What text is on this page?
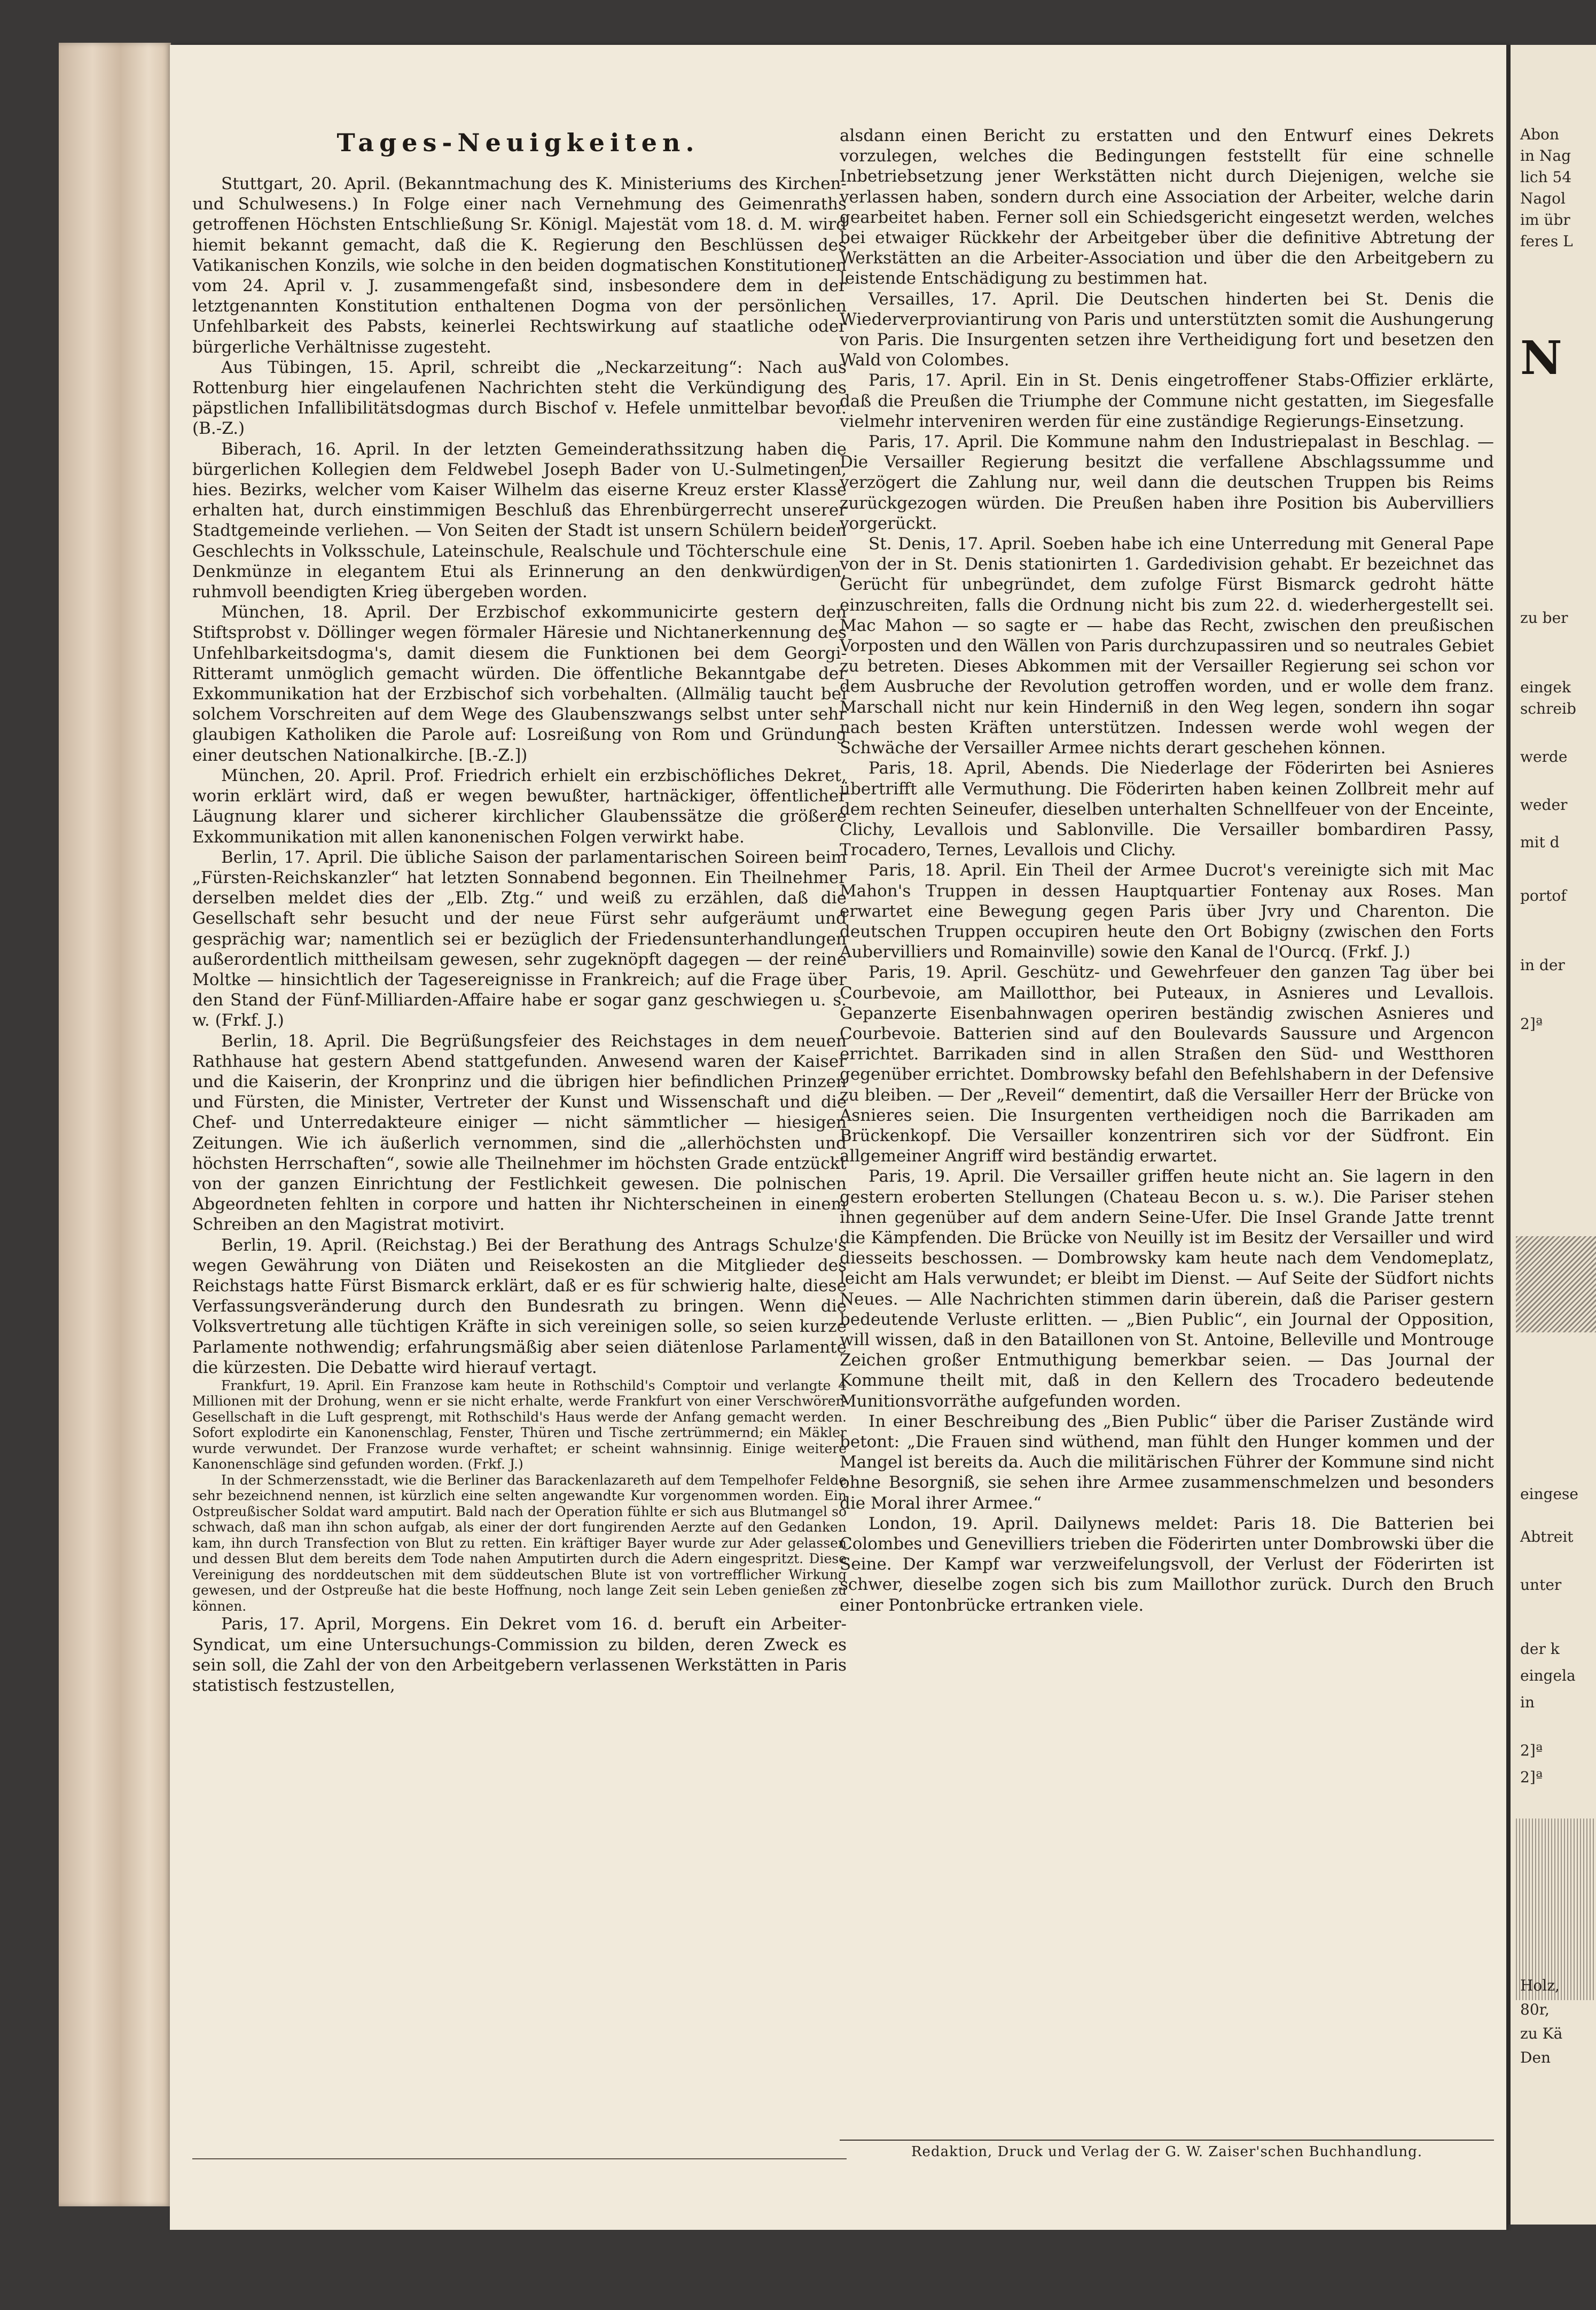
Tages-Neuigkeiten.

Stuttgart, 20. April. (Bekanntmachung des K. Ministeriums des Kirchen- und Schulwesens.) In Folge einer nach Vernehmung des Geimenraths getroffenen Höchsten Entschließung Sr. Königl. Majestät vom 18. d. M. wird hiemit bekannt gemacht, daß die K. Regierung den Beschlüssen des Vatikanischen Konzils, wie solche in den beiden dogmatischen Konstitutionen vom 24. April v. J. zusammengefaßt sind, insbesondere dem in der letztgenannten Konstitution enthaltenen Dogma von der persönlichen Unfehlbarkeit des Pabsts, keinerlei Rechtswirkung auf staatliche oder bürgerliche Verhältnisse zugesteht.

Aus Tübingen, 15. April, schreibt die „Neckarzeitung“: Nach aus Rottenburg hier eingelaufenen Nachrichten steht die Verkündigung des päpstlichen Infallibilitätsdogmas durch Bischof v. Hefele unmittelbar bevor. (B.-Z.)

Biberach, 16. April. In der letzten Gemeinderathssitzung haben die bürgerlichen Kollegien dem Feldwebel Joseph Bader von U.-Sulmetingen, hies. Bezirks, welcher vom Kaiser Wilhelm das eiserne Kreuz erster Klasse erhalten hat, durch einstimmigen Beschluß das Ehrenbürgerrecht unserer Stadtgemeinde verliehen. — Von Seiten der Stadt ist unsern Schülern beiden Geschlechts in Volksschule, Lateinschule, Realschule und Töchterschule eine Denkmünze in elegantem Etui als Erinnerung an den denkwürdigen, ruhmvoll beendigten Krieg übergeben worden.

München, 18. April. Der Erzbischof exkommunicirte gestern den Stiftsprobst v. Döllinger wegen förmaler Häresie und Nichtanerkennung des Unfehlbarkeitsdogma's, damit diesem die Funktionen bei dem Georgi-Ritteramt unmöglich gemacht würden. Die öffentliche Bekanntgabe der Exkommunikation hat der Erzbischof sich vorbehalten. (Allmälig taucht bei solchem Vorschreiten auf dem Wege des Glaubenszwangs selbst unter sehr glaubigen Katholiken die Parole auf: Losreißung von Rom und Gründung einer deutschen Nationalkirche. [B.-Z.])

München, 20. April. Prof. Friedrich erhielt ein erzbischöfliches Dekret, worin erklärt wird, daß er wegen bewußter, hartnäckiger, öffentlicher Läugnung klarer und sicherer kirchlicher Glaubenssätze die größere Exkommunikation mit allen kanonenischen Folgen verwirkt habe.

Berlin, 17. April. Die übliche Saison der parlamentarischen Soireen beim „Fürsten-Reichskanzler“ hat letzten Sonnabend begonnen. Ein Theilnehmer derselben meldet dies der „Elb. Ztg.“ und weiß zu erzählen, daß die Gesellschaft sehr besucht und der neue Fürst sehr aufgeräumt und gesprächig war; namentlich sei er bezüglich der Friedensunterhandlungen außerordentlich mittheilsam gewesen, sehr zugeknöpft dagegen — der reine Moltke — hinsichtlich der Tagesereignisse in Frankreich; auf die Frage über den Stand der Fünf-Milliarden-Affaire habe er sogar ganz geschwiegen u. s. w. (Frkf. J.)

Berlin, 18. April. Die Begrüßungsfeier des Reichstages in dem neuen Rathhause hat gestern Abend stattgefunden. Anwesend waren der Kaiser und die Kaiserin, der Kronprinz und die übrigen hier befindlichen Prinzen und Fürsten, die Minister, Vertreter der Kunst und Wissenschaft und die Chef- und Unterredakteure einiger — nicht sämmtlicher — hiesigen Zeitungen. Wie ich äußerlich vernommen, sind die „allerhöchsten und höchsten Herrschaften“, sowie alle Theilnehmer im höchsten Grade entzückt von der ganzen Einrichtung der Festlichkeit gewesen. Die polnischen Abgeordneten fehlten in corpore und hatten ihr Nichterscheinen in einem Schreiben an den Magistrat motivirt.

Berlin, 19. April. (Reichstag.) Bei der Berathung des Antrags Schulze's wegen Gewährung von Diäten und Reisekosten an die Mitglieder des Reichstags hatte Fürst Bismarck erklärt, daß er es für schwierig halte, diese Verfassungsveränderung durch den Bundesrath zu bringen. Wenn die Volksvertretung alle tüchtigen Kräfte in sich vereinigen solle, so seien kurze Parlamente nothwendig; erfahrungsmäßig aber seien diätenlose Parlamente die kürzesten. Die Debatte wird hierauf vertagt.

Frankfurt, 19. April. Ein Franzose kam heute in Rothschild's Comptoir und verlangte 4 Millionen mit der Drohung, wenn er sie nicht erhalte, werde Frankfurt von einer Verschwörer-Gesellschaft in die Luft gesprengt, mit Rothschild's Haus werde der Anfang gemacht werden. Sofort explodirte ein Kanonenschlag, Fenster, Thüren und Tische zertrümmernd; ein Mäkler wurde verwundet. Der Franzose wurde verhaftet; er scheint wahnsinnig. Einige weitere Kanonenschläge sind gefunden worden. (Frkf. J.)

In der Schmerzensstadt, wie die Berliner das Barackenlazareth auf dem Tempelhofer Felde sehr bezeichnend nennen, ist kürzlich eine selten angewandte Kur vorgenommen worden. Ein Ostpreußischer Soldat ward amputirt. Bald nach der Operation fühlte er sich aus Blutmangel so schwach, daß man ihn schon aufgab, als einer der dort fungirenden Aerzte auf den Gedanken kam, ihn durch Transfection von Blut zu retten. Ein kräftiger Bayer wurde zur Ader gelassen und dessen Blut dem bereits dem Tode nahen Amputirten durch die Adern eingespritzt. Diese Vereinigung des norddeutschen mit dem süddeutschen Blute ist von vortrefflicher Wirkung gewesen, und der Ostpreuße hat die beste Hoffnung, noch lange Zeit sein Leben genießen zu können.

Paris, 17. April, Morgens. Ein Dekret vom 16. d. beruft ein Arbeiter-Syndicat, um eine Untersuchungs-Commission zu bilden, deren Zweck es sein soll, die Zahl der von den Arbeitgebern verlassenen Werkstätten in Paris statistisch festzustellen,

alsdann einen Bericht zu erstatten und den Entwurf eines Dekrets vorzulegen, welches die Bedingungen feststellt für eine schnelle Inbetriebsetzung jener Werkstätten nicht durch Diejenigen, welche sie verlassen haben, sondern durch eine Association der Arbeiter, welche darin gearbeitet haben. Ferner soll ein Schiedsgericht eingesetzt werden, welches bei etwaiger Rückkehr der Arbeitgeber über die definitive Abtretung der Werkstätten an die Arbeiter-Association und über die den Arbeitgebern zu leistende Entschädigung zu bestimmen hat.

Versailles, 17. April. Die Deutschen hinderten bei St. Denis die Wiederverproviantirung von Paris und unterstützten somit die Aushungerung von Paris. Die Insurgenten setzen ihre Vertheidigung fort und besetzen den Wald von Colombes.

Paris, 17. April. Ein in St. Denis eingetroffener Stabs-Offizier erklärte, daß die Preußen die Triumphe der Commune nicht gestatten, im Siegesfalle vielmehr interveniren werden für eine zuständige Regierungs-Einsetzung.

Paris, 17. April. Die Kommune nahm den Industriepalast in Beschlag. — Die Versailler Regierung besitzt die verfallene Abschlagssumme und verzögert die Zahlung nur, weil dann die deutschen Truppen bis Reims zurückgezogen würden. Die Preußen haben ihre Position bis Aubervilliers vorgerückt.

St. Denis, 17. April. Soeben habe ich eine Unterredung mit General Pape von der in St. Denis stationirten 1. Gardedivision gehabt. Er bezeichnet das Gerücht für unbegründet, dem zufolge Fürst Bismarck gedroht hätte einzuschreiten, falls die Ordnung nicht bis zum 22. d. wiederhergestellt sei. Mac Mahon — so sagte er — habe das Recht, zwischen den preußischen Vorposten und den Wällen von Paris durchzupassiren und so neutrales Gebiet zu betreten. Dieses Abkommen mit der Versailler Regierung sei schon vor dem Ausbruche der Revolution getroffen worden, und er wolle dem franz. Marschall nicht nur kein Hinderniß in den Weg legen, sondern ihn sogar nach besten Kräften unterstützen. Indessen werde wohl wegen der Schwäche der Versailler Armee nichts derart geschehen können.

Paris, 18. April, Abends. Die Niederlage der Föderirten bei Asnieres übertrifft alle Vermuthung. Die Föderirten haben keinen Zollbreit mehr auf dem rechten Seineufer, dieselben unterhalten Schnellfeuer von der Enceinte, Clichy, Levallois und Sablonville. Die Versailler bombardiren Passy, Trocadero, Ternes, Levallois und Clichy.

Paris, 18. April. Ein Theil der Armee Ducrot's vereinigte sich mit Mac Mahon's Truppen in dessen Hauptquartier Fontenay aux Roses. Man erwartet eine Bewegung gegen Paris über Jvry und Charenton. Die deutschen Truppen occupiren heute den Ort Bobigny (zwischen den Forts Aubervilliers und Romainville) sowie den Kanal de l'Ourcq. (Frkf. J.)

Paris, 19. April. Geschütz- und Gewehrfeuer den ganzen Tag über bei Courbevoie, am Maillotthor, bei Puteaux, in Asnieres und Levallois. Gepanzerte Eisenbahnwagen operiren beständig zwischen Asnieres und Courbevoie. Batterien sind auf den Boulevards Saussure und Argencon errichtet. Barrikaden sind in allen Straßen den Süd- und Westthoren gegenüber errichtet. Dombrowsky befahl den Befehlshabern in der Defensive zu bleiben. — Der „Reveil“ dementirt, daß die Versailler Herr der Brücke von Asnieres seien. Die Insurgenten vertheidigen noch die Barrikaden am Brückenkopf. Die Versailler konzentriren sich vor der Südfront. Ein allgemeiner Angriff wird beständig erwartet.

Paris, 19. April. Die Versailler griffen heute nicht an. Sie lagern in den gestern eroberten Stellungen (Chateau Becon u. s. w.). Die Pariser stehen ihnen gegenüber auf dem andern Seine-Ufer. Die Insel Grande Jatte trennt die Kämpfenden. Die Brücke von Neuilly ist im Besitz der Versailler und wird diesseits beschossen. — Dombrowsky kam heute nach dem Vendomeplatz, leicht am Hals verwundet; er bleibt im Dienst. — Auf Seite der Südfort nichts Neues. — Alle Nachrichten stimmen darin überein, daß die Pariser gestern bedeutende Verluste erlitten. — „Bien Public“, ein Journal der Opposition, will wissen, daß in den Bataillonen von St. Antoine, Belleville und Montrouge Zeichen großer Entmuthigung bemerkbar seien. — Das Journal der Kommune theilt mit, daß in den Kellern des Trocadero bedeutende Munitionsvorräthe aufgefunden worden.

In einer Beschreibung des „Bien Public“ über die Pariser Zustände wird betont: „Die Frauen sind wüthend, man fühlt den Hunger kommen und der Mangel ist bereits da. Auch die militärischen Führer der Kommune sind nicht ohne Besorgniß, sie sehen ihre Armee zusammenschmelzen und besonders die Moral ihrer Armee.“

London, 19. April. Dailynews meldet: Paris 18. Die Batterien bei Colombes und Genevilliers trieben die Föderirten unter Dombrowski über die Seine. Der Kampf war verzweifelungsvoll, der Verlust der Föderirten ist schwer, dieselbe zogen sich bis zum Maillothor zurück. Durch den Bruch einer Pontonbrücke ertranken viele.

Redaktion, Druck und Verlag der G. W. Zaiser'schen Buchhandlung.
Abon
in Nag
lich 54
Nagol
im übr
feres L
N
zu ber
eingek
schreib
werde
weder
mit d
portof
in der
2]ª
eingese
Abtreit
unter
der k
eingela
in
2]ª
2]ª
Holz,
80r,
zu Kä
Den
